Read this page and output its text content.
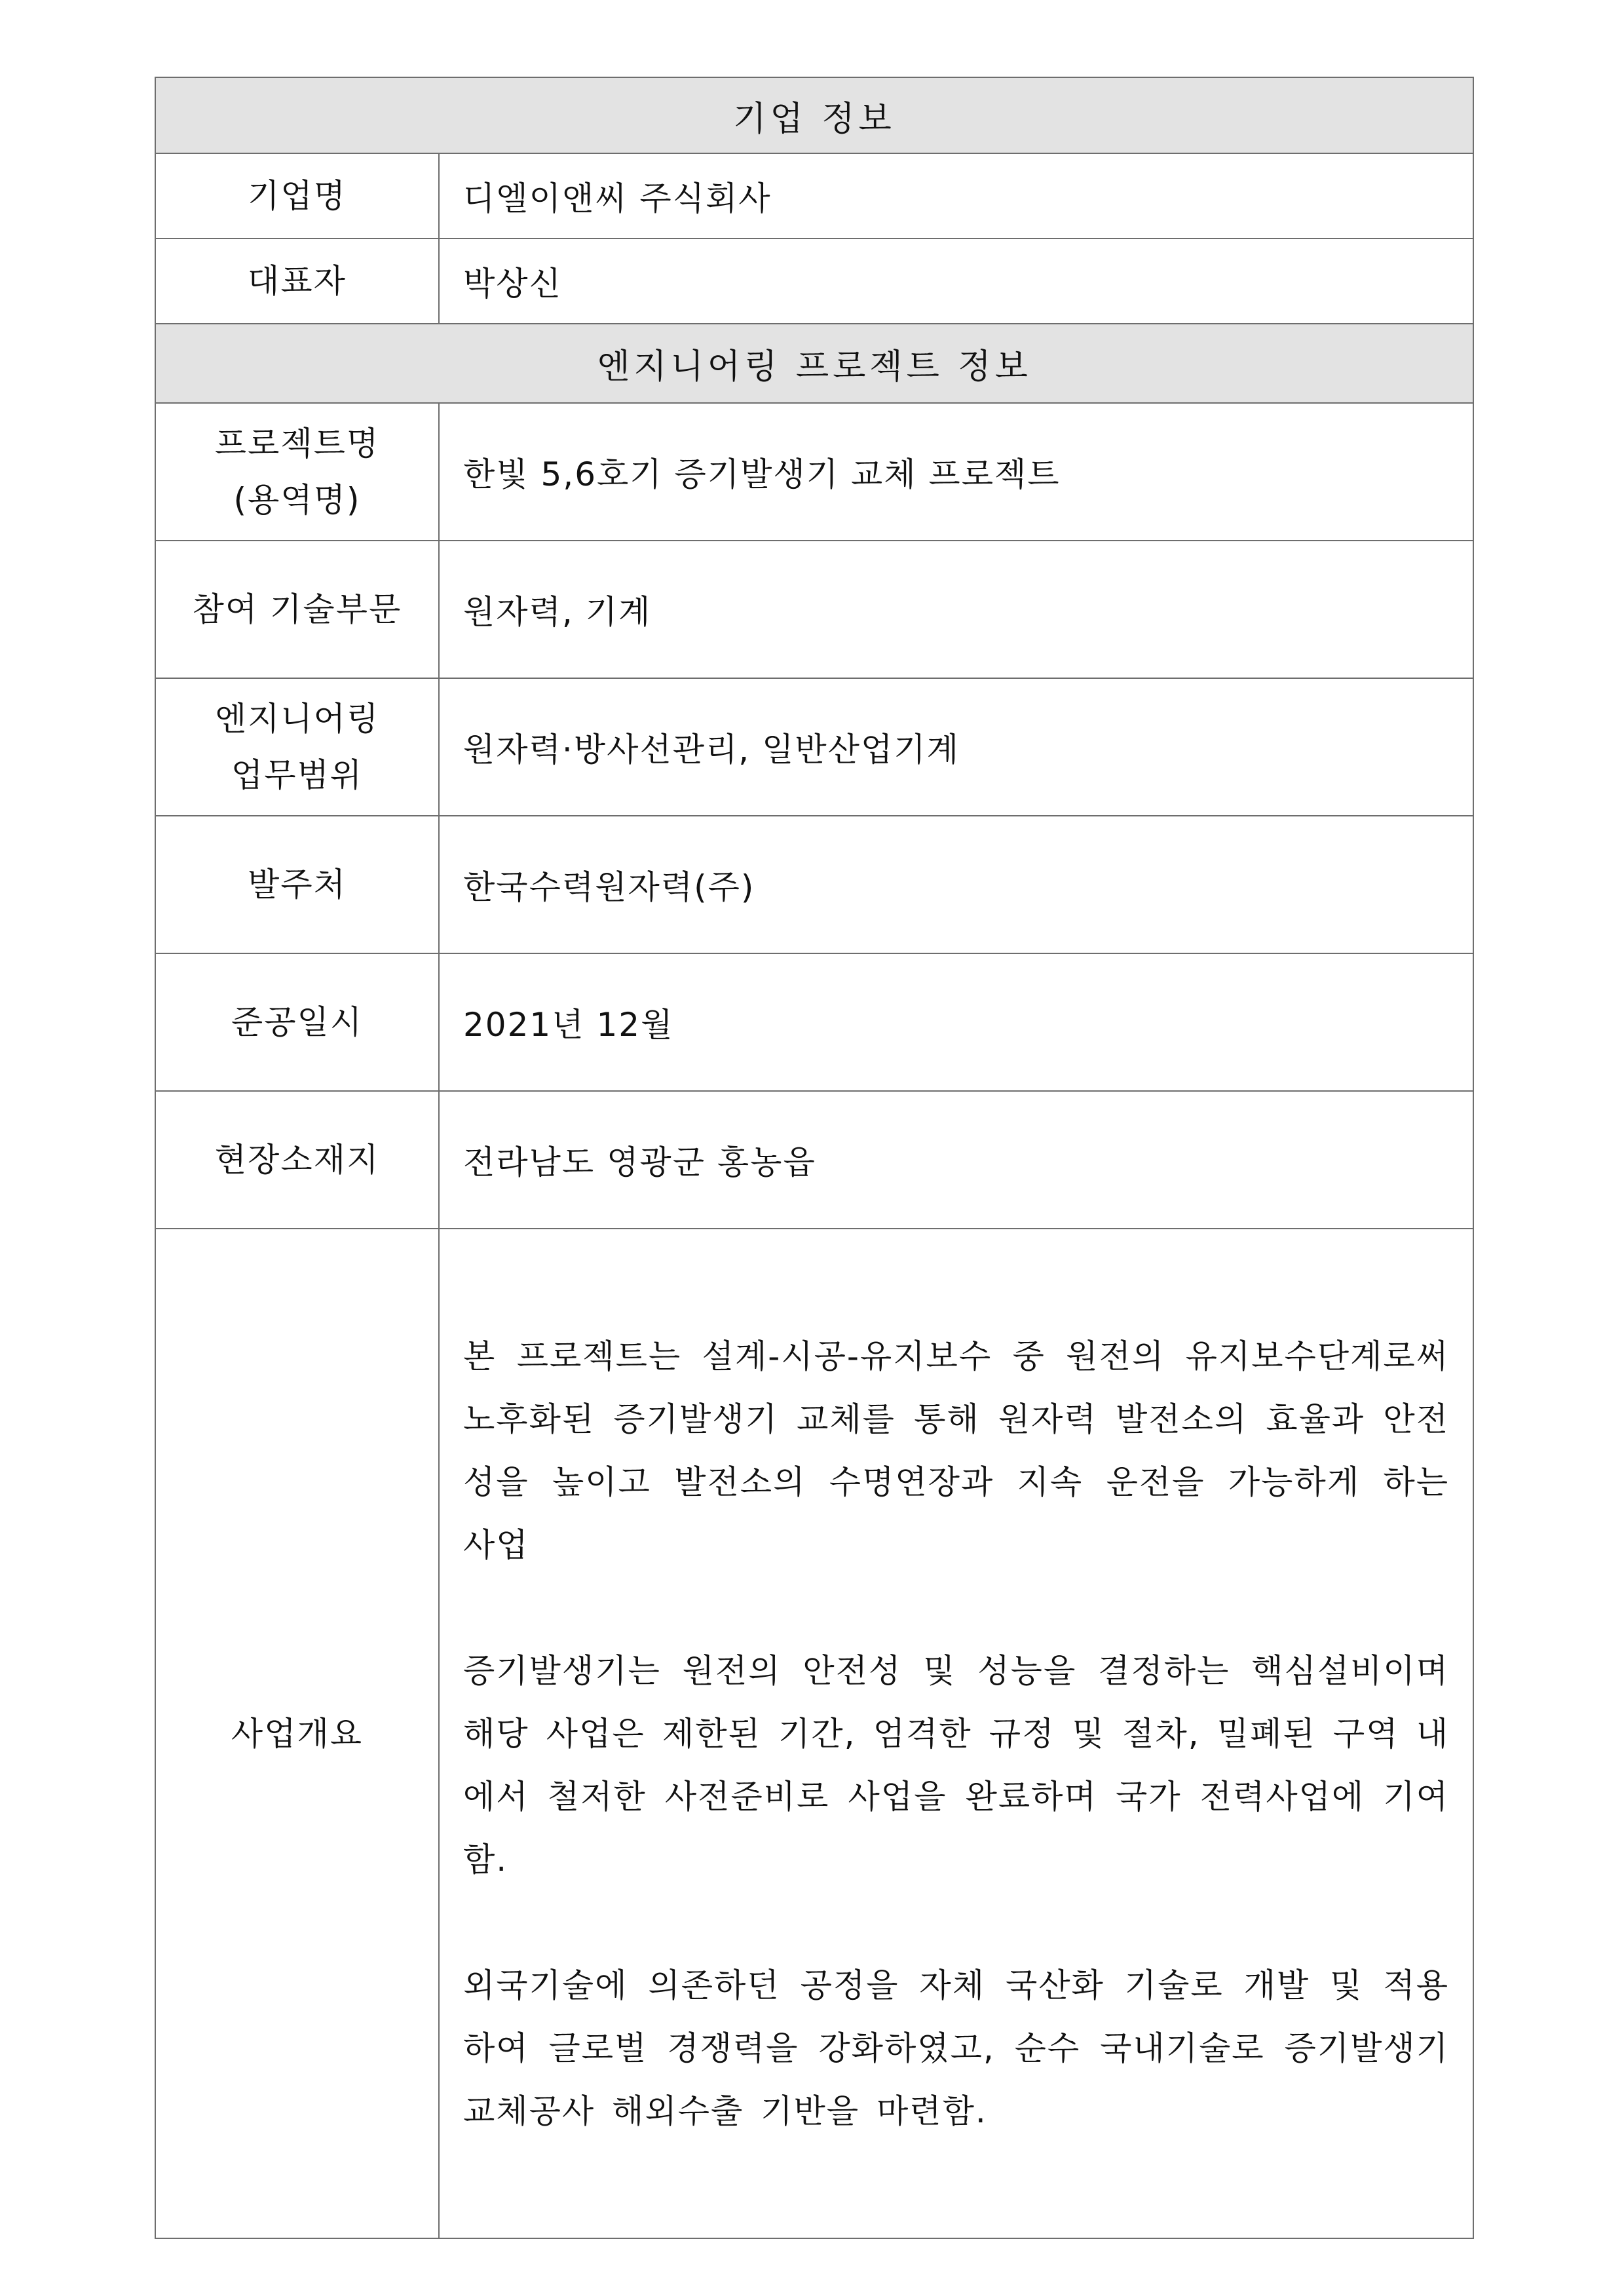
기업 정보	
기업명	디엘이앤씨 주식회사
대표자	박상신
엔지니어링 프로젝트 정보	

프로젝트명
(용역명)	한빛 5,6호기 증기발생기 교체 프로젝트
참여 기술부문	원자력, 기계

엔지니어링
업무범위	원자력·방사선관리, 일반산업기계
발주처	한국수력원자력(주)
준공일시	2021년 12월
현장소재지	전라남도 영광군 홍농읍
사업개요	본 프로젝트는 설계-시공-유지보수 중 원전의 유지보수단계로써 노후화된 증기발생기 교체를 통해 원자력 발전소의 효율과 안전성을 높이고 발전소의 수명연장과 지속 운전을 가능하게 하는 사업

증기발생기는 원전의 안전성 및 성능을 결정하는 핵심설비이며 해당 사업은 제한된 기간, 엄격한 규정 및 절차, 밀폐된 구역 내에서 철저한 사전준비로 사업을 완료하며 국가 전력사업에 기여함.

외국기술에 의존하던 공정을 자체 국산화 기술로 개발 및 적용하여 글로벌 경쟁력을 강화하였고, 순수 국내기술로 증기발생기 교체공사 해외수출 기반을 마련함.
